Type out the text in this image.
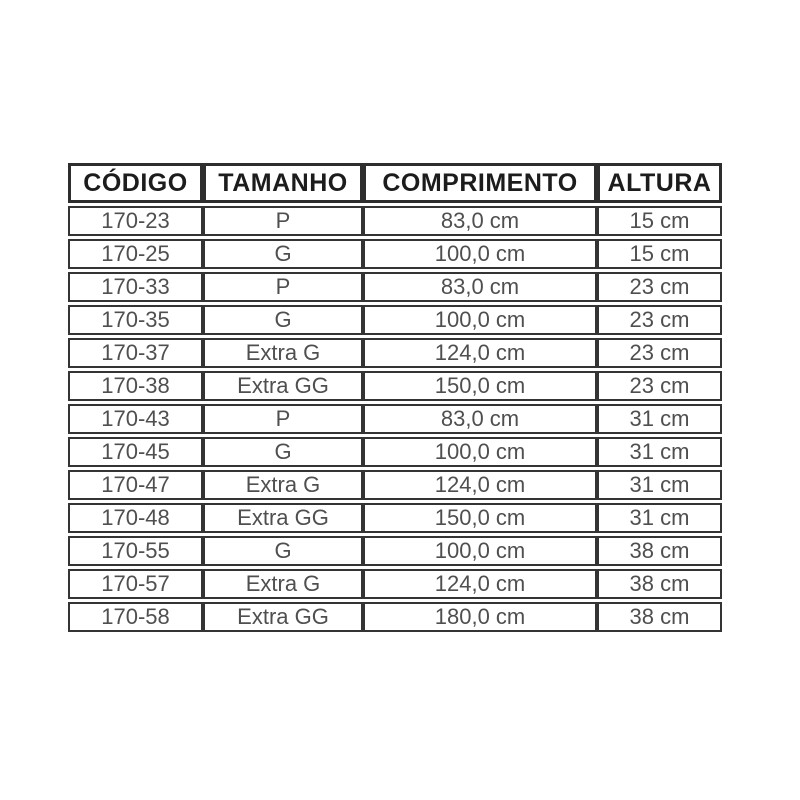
CÓDIGO	TAMANHO	COMPRIMENTO	ALTURA
170-23	P	83,0 cm	15 cm
170-25	G	100,0 cm	15 cm
170-33	P	83,0 cm	23 cm
170-35	G	100,0 cm	23 cm
170-37	Extra G	124,0 cm	23 cm
170-38	Extra GG	150,0 cm	23 cm
170-43	P	83,0 cm	31 cm
170-45	G	100,0 cm	31 cm
170-47	Extra G	124,0 cm	31 cm
170-48	Extra GG	150,0 cm	31 cm
170-55	G	100,0 cm	38 cm
170-57	Extra G	124,0 cm	38 cm
170-58	Extra GG	180,0 cm	38 cm
